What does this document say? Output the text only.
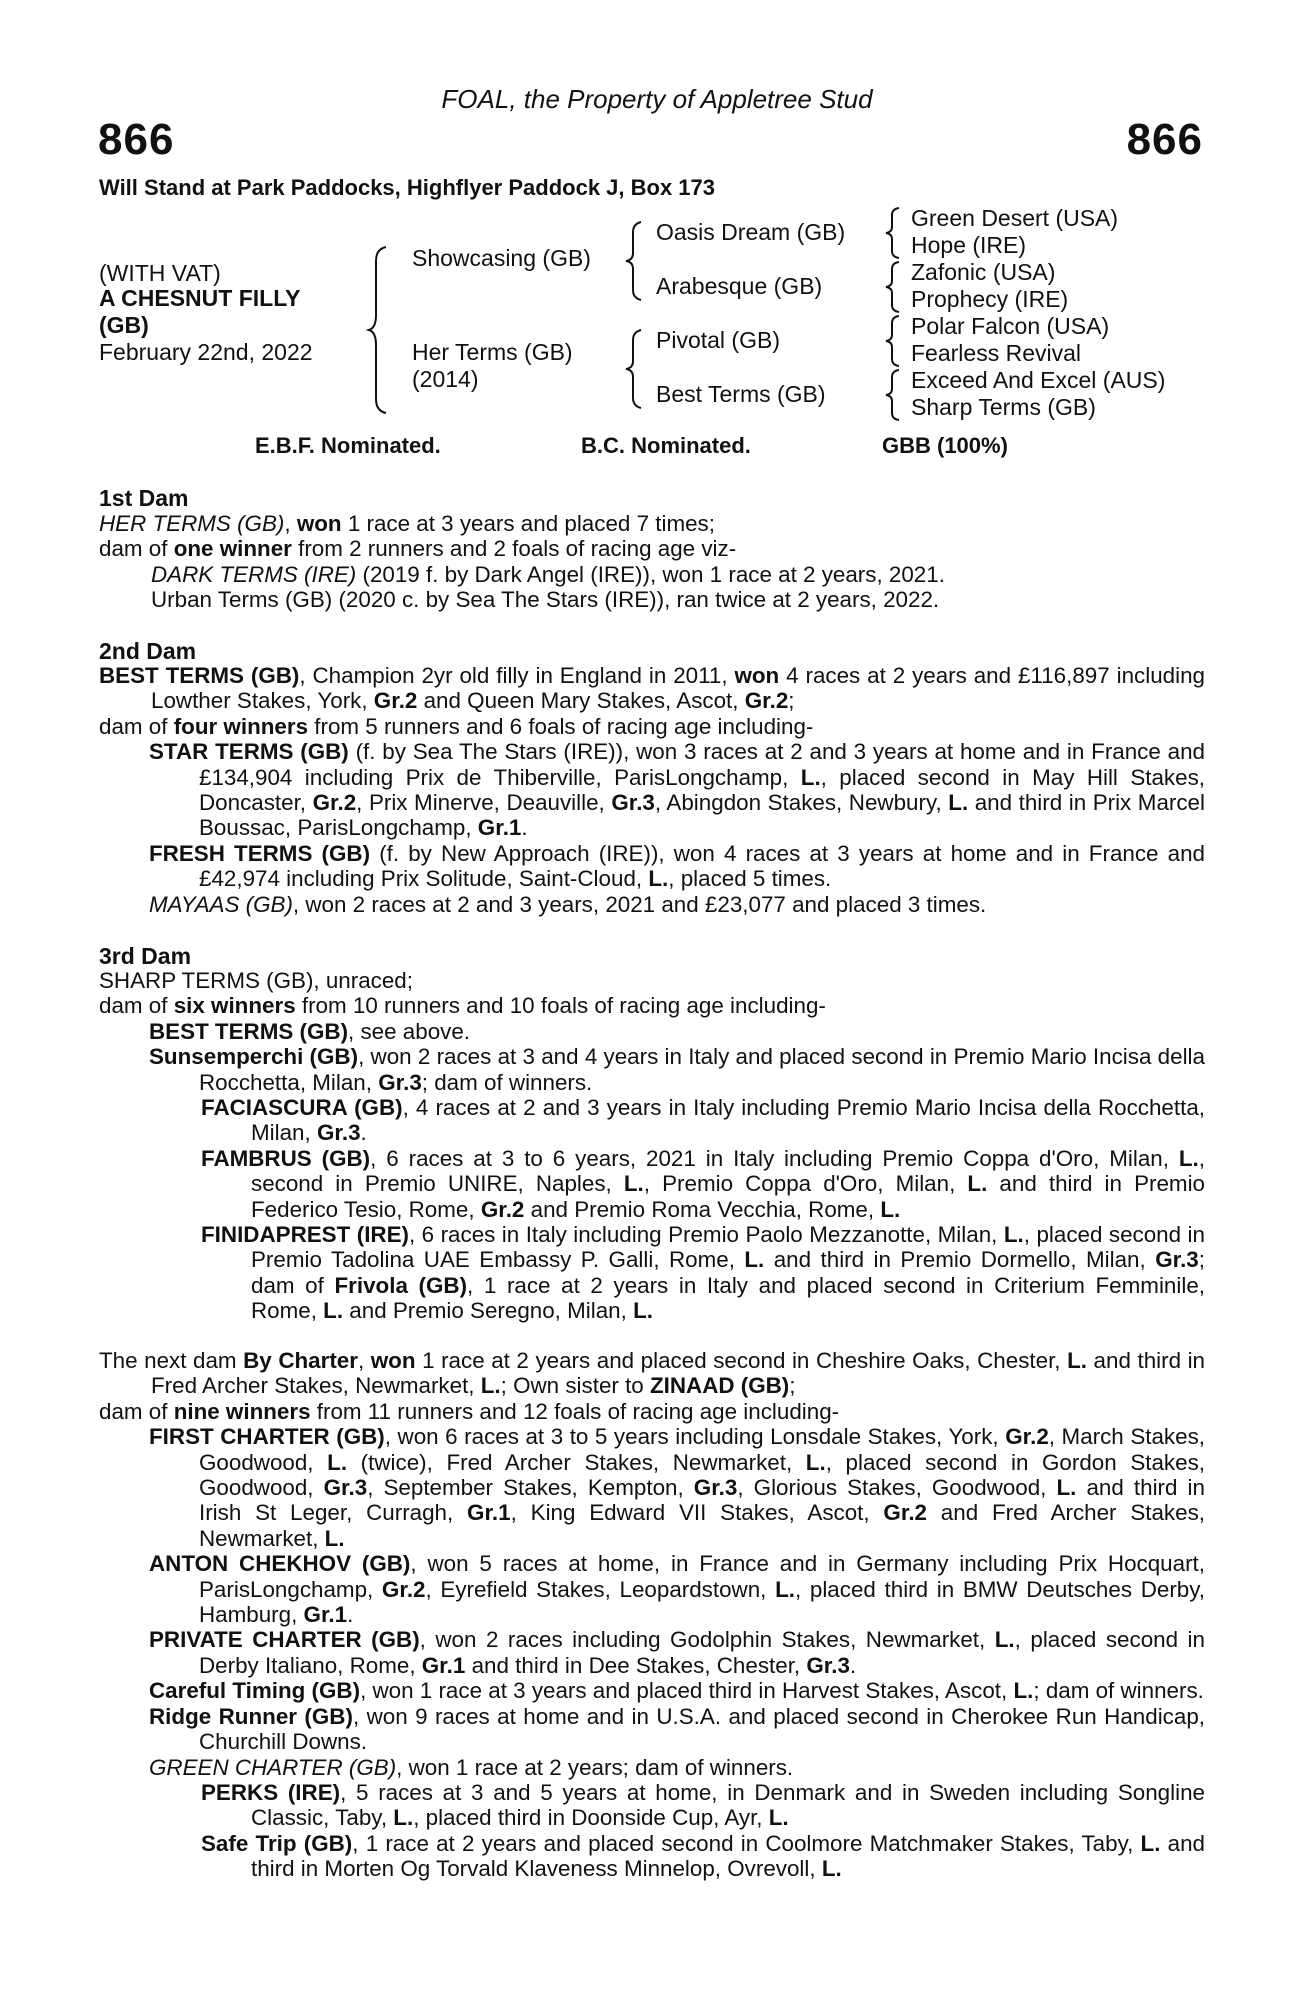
FOAL, the Property of Appletree Stud
866	866
Will Stand at Park Paddocks, Highflyer Paddock J, Box 173
(WITH VAT)
A CHESNUT FILLY
(GB)
February 22nd, 2022
Showcasing (GB)
Her Terms (GB)
(2014)
Oasis Dream (GB)
Arabesque (GB)
Pivotal (GB)
Best Terms (GB)
Green Desert (USA)
Hope (IRE)
Zafonic (USA)
Prophecy (IRE)
Polar Falcon (USA)
Fearless Revival
Exceed And Excel (AUS)
Sharp Terms (GB)
E.B.F. Nominated.	B.C. Nominated.	GBB (100%)
1st Dam

HER TERMS (GB), won 1 race at 3 years and placed 7 times;

dam of one winner from 2 runners and 2 foals of racing age viz-

DARK TERMS (IRE) (2019 f. by Dark Angel (IRE)), won 1 race at 2 years, 2021.

Urban Terms (GB) (2020 c. by Sea The Stars (IRE)), ran twice at 2 years, 2022.

2nd Dam

BEST TERMS (GB), Champion 2yr old filly in England in 2011, won 4 races at 2 years and £116,897 including Lowther Stakes, York, Gr.2 and Queen Mary Stakes, Ascot, Gr.2;

dam of four winners from 5 runners and 6 foals of racing age including-

STAR TERMS (GB) (f. by Sea The Stars (IRE)), won 3 races at 2 and 3 years at home and in France and £134,904 including Prix de Thiberville, ParisLongchamp, L., placed second in May Hill Stakes, Doncaster, Gr.2, Prix Minerve, Deauville, Gr.3, Abingdon Stakes, Newbury, L. and third in Prix Marcel Boussac, ParisLongchamp, Gr.1.

FRESH TERMS (GB) (f. by New Approach (IRE)), won 4 races at 3 years at home and in France and £42,974 including Prix Solitude, Saint-Cloud, L., placed 5 times.

MAYAAS (GB), won 2 races at 2 and 3 years, 2021 and £23,077 and placed 3 times.

3rd Dam

SHARP TERMS (GB), unraced;

dam of six winners from 10 runners and 10 foals of racing age including-

BEST TERMS (GB), see above.

Sunsemperchi (GB), won 2 races at 3 and 4 years in Italy and placed second in Premio Mario Incisa della Rocchetta, Milan, Gr.3; dam of winners.

FACIASCURA (GB), 4 races at 2 and 3 years in Italy including Premio Mario Incisa della Rocchetta, Milan, Gr.3.

FAMBRUS (GB), 6 races at 3 to 6 years, 2021 in Italy including Premio Coppa d'Oro, Milan, L., second in Premio UNIRE, Naples, L., Premio Coppa d'Oro, Milan, L. and third in Premio Federico Tesio, Rome, Gr.2 and Premio Roma Vecchia, Rome, L.

FINIDAPREST (IRE), 6 races in Italy including Premio Paolo Mezzanotte, Milan, L., placed second in Premio Tadolina UAE Embassy P. Galli, Rome, L. and third in Premio Dormello, Milan, Gr.3; dam of Frivola (GB), 1 race at 2 years in Italy and placed second in Criterium Femminile, Rome, L. and Premio Seregno, Milan, L.

The next dam By Charter, won 1 race at 2 years and placed second in Cheshire Oaks, Chester, L. and third in Fred Archer Stakes, Newmarket, L.; Own sister to ZINAAD (GB);

dam of nine winners from 11 runners and 12 foals of racing age including-

FIRST CHARTER (GB), won 6 races at 3 to 5 years including Lonsdale Stakes, York, Gr.2, March Stakes, Goodwood, L. (twice), Fred Archer Stakes, Newmarket, L., placed second in Gordon Stakes, Goodwood, Gr.3, September Stakes, Kempton, Gr.3, Glorious Stakes, Goodwood, L. and third in Irish St Leger, Curragh, Gr.1, King Edward VII Stakes, Ascot, Gr.2 and Fred Archer Stakes, Newmarket, L.

ANTON CHEKHOV (GB), won 5 races at home, in France and in Germany including Prix Hocquart, ParisLongchamp, Gr.2, Eyrefield Stakes, Leopardstown, L., placed third in BMW Deutsches Derby, Hamburg, Gr.1.

PRIVATE CHARTER (GB), won 2 races including Godolphin Stakes, Newmarket, L., placed second in Derby Italiano, Rome, Gr.1 and third in Dee Stakes, Chester, Gr.3.

Careful Timing (GB), won 1 race at 3 years and placed third in Harvest Stakes, Ascot, L.; dam of winners.

Ridge Runner (GB), won 9 races at home and in U.S.A. and placed second in Cherokee Run Handicap, Churchill Downs.

GREEN CHARTER (GB), won 1 race at 2 years; dam of winners.

PERKS (IRE), 5 races at 3 and 5 years at home, in Denmark and in Sweden including Songline Classic, Taby, L., placed third in Doonside Cup, Ayr, L.

Safe Trip (GB), 1 race at 2 years and placed second in Coolmore Matchmaker Stakes, Taby, L. and third in Morten Og Torvald Klaveness Minnelop, Ovrevoll, L.
